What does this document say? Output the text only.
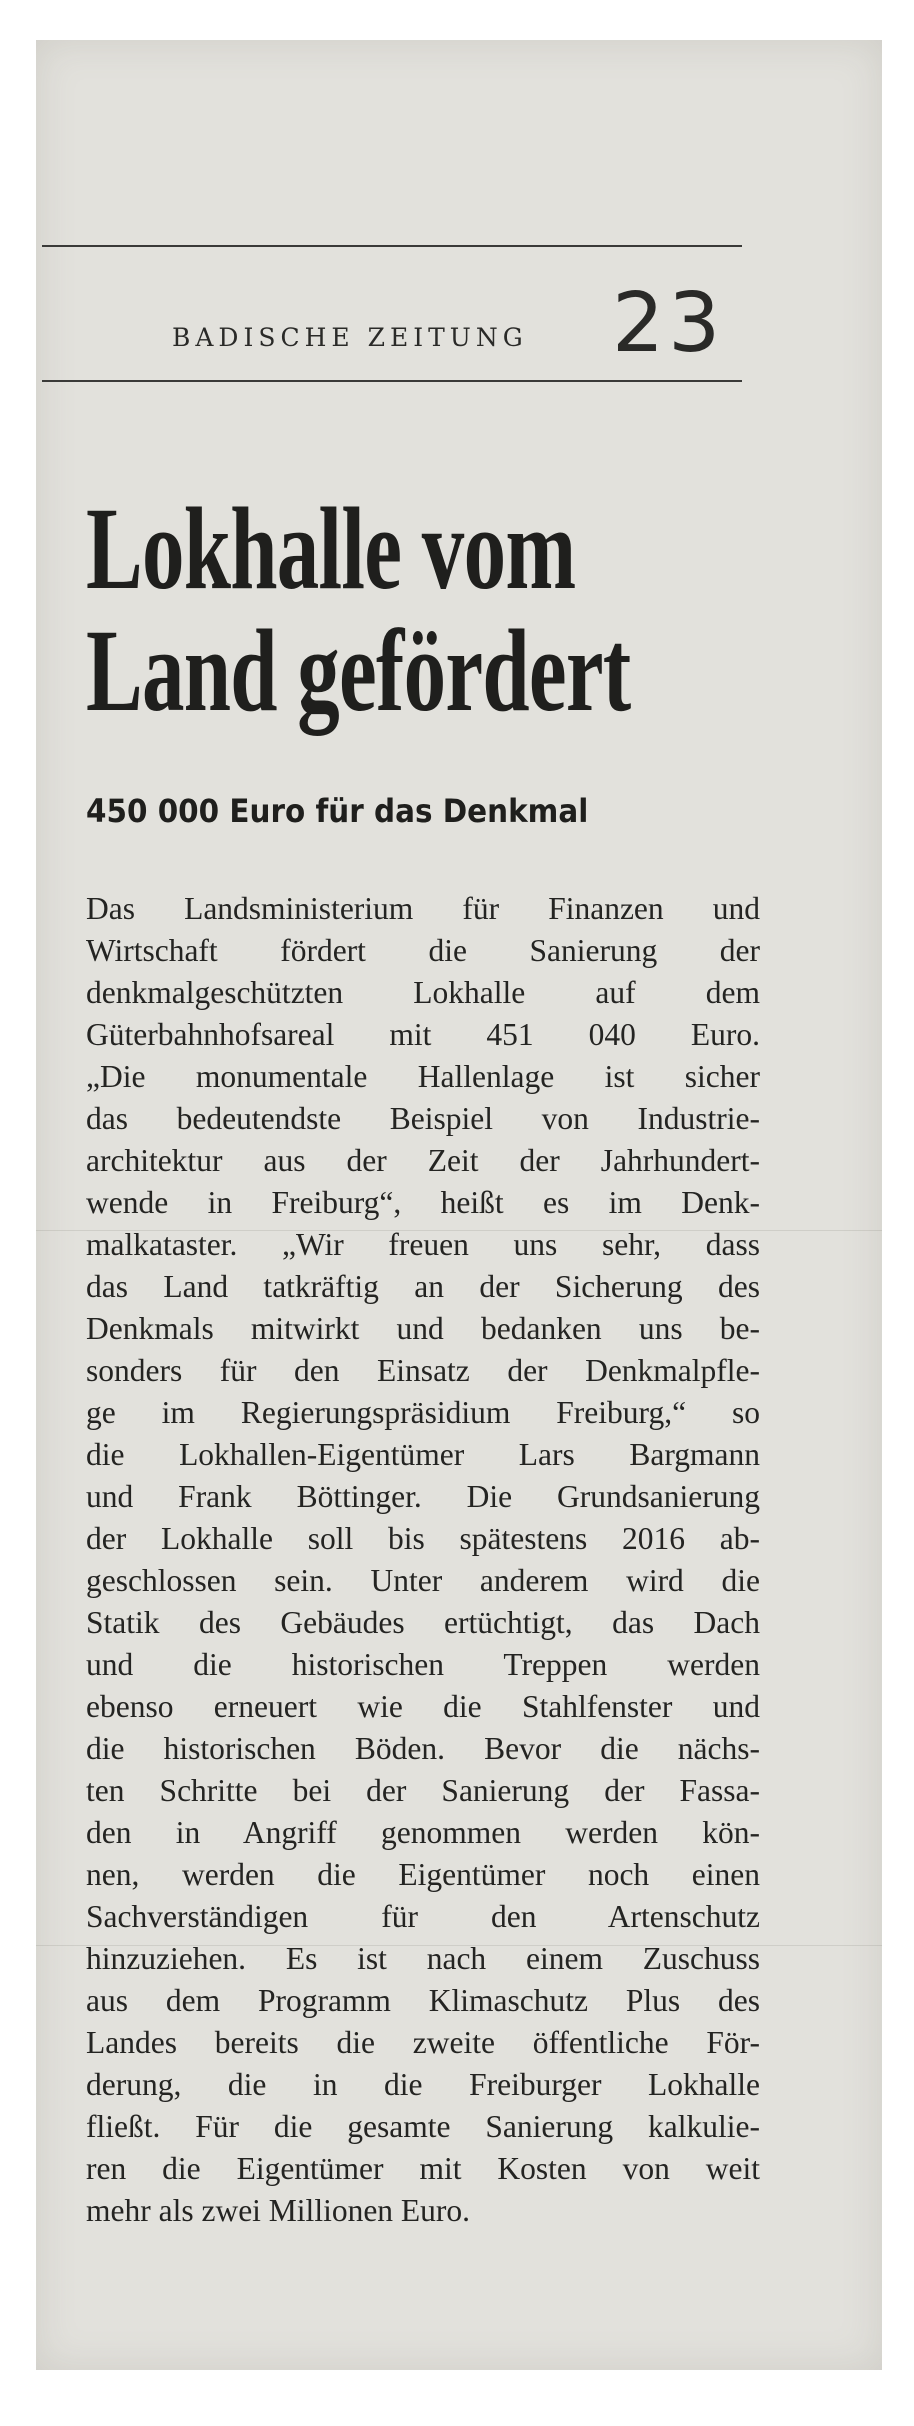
BADISCHE ZEITUNG 23
Lokhalle vom
Land gefördert
450 000 Euro für das Denkmal
Das Landsministerium für Finanzen und
Wirtschaft fördert die Sanierung der
denkmalgeschützten Lokhalle auf dem
Güterbahnhofsareal mit 451 040 Euro.
„Die monumentale Hallenlage ist sicher
das bedeutendste Beispiel von Industrie-
architektur aus der Zeit der Jahrhundert-
wende in Freiburg“, heißt es im Denk-
malkataster. „Wir freuen uns sehr, dass
das Land tatkräftig an der Sicherung des
Denkmals mitwirkt und bedanken uns be-
sonders für den Einsatz der Denkmalpfle-
ge im Regierungspräsidium Freiburg,“ so
die Lokhallen-Eigentümer Lars Bargmann
und Frank Böttinger. Die Grundsanierung
der Lokhalle soll bis spätestens 2016 ab-
geschlossen sein. Unter anderem wird die
Statik des Gebäudes ertüchtigt, das Dach
und die historischen Treppen werden
ebenso erneuert wie die Stahlfenster und
die historischen Böden. Bevor die nächs-
ten Schritte bei der Sanierung der Fassa-
den in Angriff genommen werden kön-
nen, werden die Eigentümer noch einen
Sachverständigen für den Artenschutz
hinzuziehen. Es ist nach einem Zuschuss
aus dem Programm Klimaschutz Plus des
Landes bereits die zweite öffentliche För-
derung, die in die Freiburger Lokhalle
fließt. Für die gesamte Sanierung kalkulie-
ren die Eigentümer mit Kosten von weit
mehr als zwei Millionen Euro.
